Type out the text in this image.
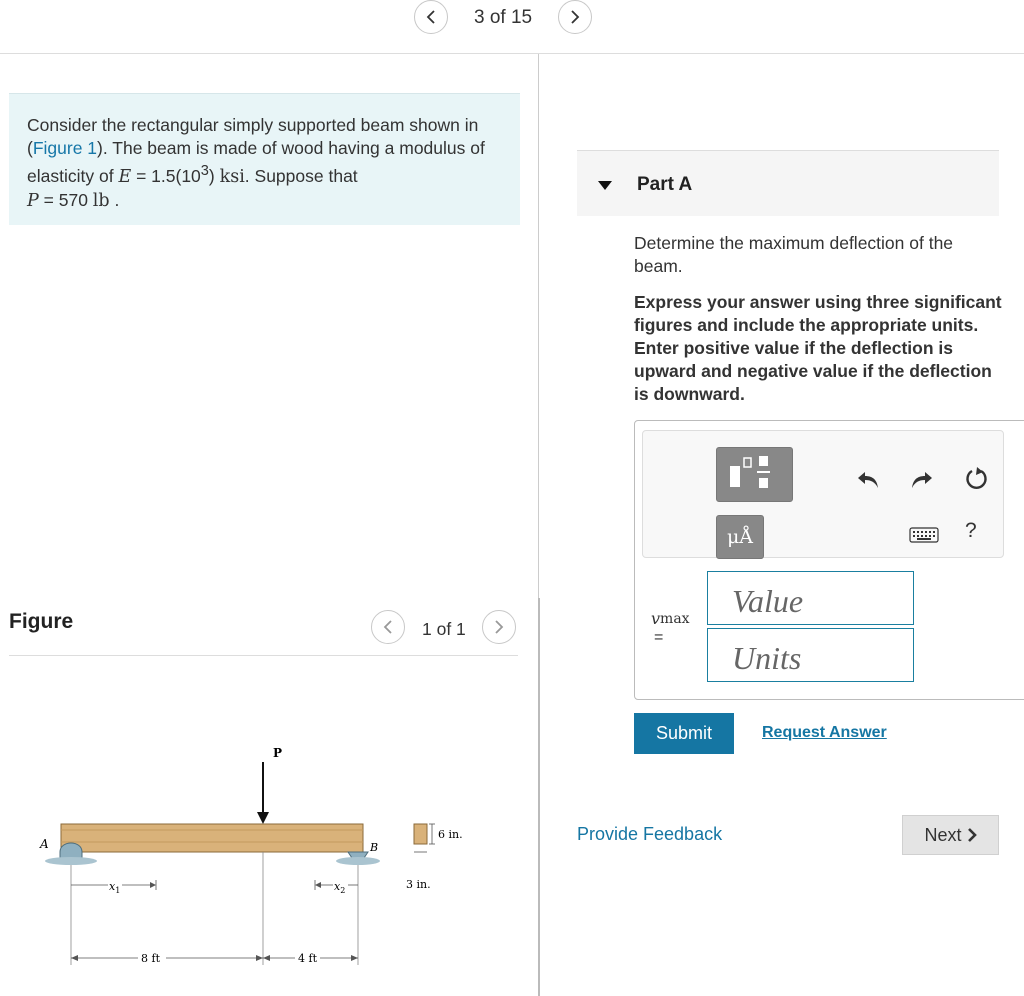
3 of 15
Consider the rectangular simply supported beam shown in (Figure 1). The beam is made of wood having a modulus of elasticity of $E = 1.5(10^3)$ ksi. Suppose that
P = 570 lb .
Figure	1 of 1
P
A	B
6 in.
3 in.
$x_1$	$x_2$
8 ft	4 ft
Part A
Determine the maximum deflection of the beam.
Express your answer using three significant figures and include the appropriate units. Enter positive value if the deflection is upward and negative value if the deflection is downward.
μÅ	?
$v_{max}$
=
Value
Units
Submit	Request Answer
Provide Feedback	Next
